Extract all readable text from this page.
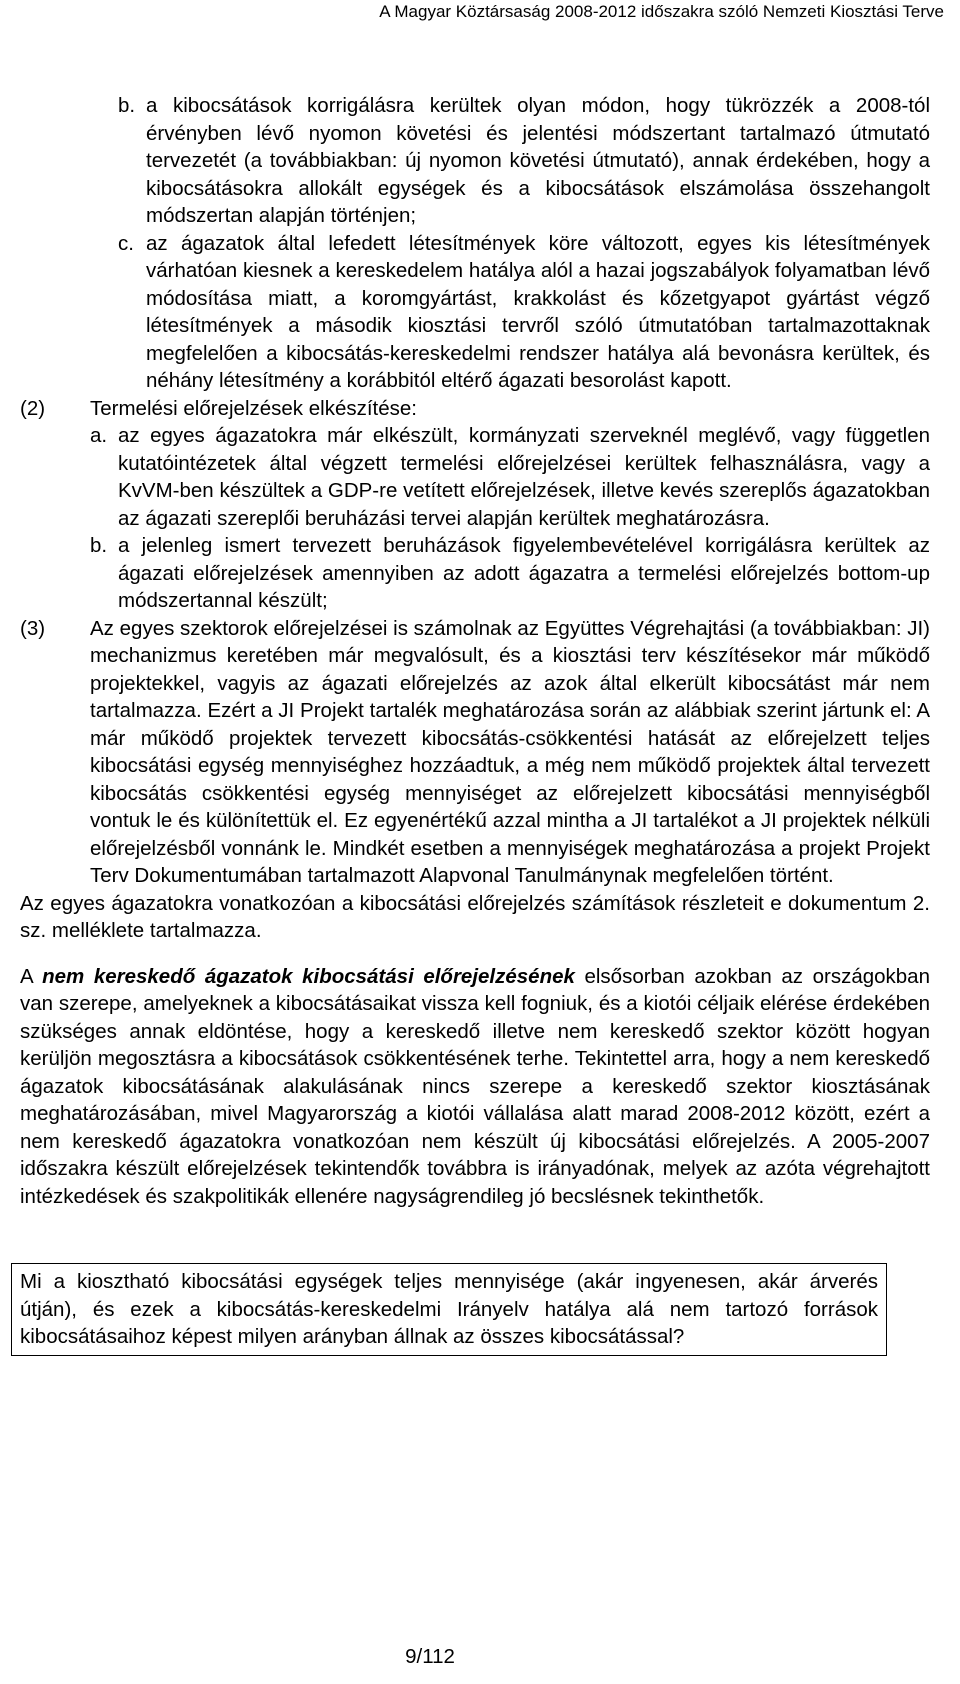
A Magyar Köztársaság 2008-2012 időszakra szóló Nemzeti Kiosztási Terve
b. a kibocsátások korrigálásra kerültek olyan módon, hogy tükrözzék a 2008-tól érvényben lévő nyomon követési és jelentési módszertant tartalmazó útmutató tervezetét (a továbbiakban: új nyomon követési útmutató), annak érdekében, hogy a kibocsátásokra allokált egységek és a kibocsátások elszámolása összehangolt módszertan alapján történjen;
c. az ágazatok által lefedett létesítmények köre változott, egyes kis létesítmények várhatóan kiesnek a kereskedelem hatálya alól a hazai jogszabályok folyamatban lévő módosítása miatt, a koromgyártást, krakkolást és kőzetgyapot gyártást végző létesítmények a második kiosztási tervről szóló útmutatóban tartalmazottaknak megfelelően a kibocsátás-kereskedelmi rendszer hatálya alá bevonásra kerültek, és néhány létesítmény a korábbitól eltérő ágazati besorolást kapott.
(2)	Termelési előrejelzések elkészítése:
a. az egyes ágazatokra már elkészült, kormányzati szerveknél meglévő, vagy független kutatóintézetek által végzett termelési előrejelzései kerültek felhasználásra, vagy a KvVM-ben készültek a GDP-re vetített előrejelzések, illetve kevés szereplős ágazatokban az ágazati szereplői beruházási tervei alapján kerültek meghatározásra.
b. a jelenleg ismert tervezett beruházások figyelembevételével korrigálásra kerültek az ágazati előrejelzések amennyiben az adott ágazatra a termelési előrejelzés bottom-up módszertannal készült;
(3)	Az egyes szektorok előrejelzései is számolnak az Együttes Végrehajtási (a továbbiakban: JI) mechanizmus keretében már megvalósult, és a kiosztási terv készítésekor már működő projektekkel, vagyis az ágazati előrejelzés az azok által elkerült kibocsátást már nem tartalmazza. Ezért a JI Projekt tartalék meghatározása során az alábbiak szerint jártunk el: A már működő projektek tervezett kibocsátás-csökkentési hatását az előrejelzett teljes kibocsátási egység mennyiséghez hozzáadtuk, a még nem működő projektek által tervezett kibocsátás csökkentési egység mennyiséget az előrejelzett kibocsátási mennyiségből vontuk le és különítettük el. Ez egyenértékű azzal mintha a JI tartalékot a JI projektek nélküli előrejelzésből vonnánk le. Mindkét esetben a mennyiségek meghatározása a projekt Projekt Terv Dokumentumában tartalmazott Alapvonal Tanulmánynak megfelelően történt.
Az egyes ágazatokra vonatkozóan a kibocsátási előrejelzés számítások részleteit e dokumentum 2. sz. melléklete tartalmazza.
A nem kereskedő ágazatok kibocsátási előrejelzésének elsősorban azokban az országokban van szerepe, amelyeknek a kibocsátásaikat vissza kell fogniuk, és a kiotói céljaik elérése érdekében szükséges annak eldöntése, hogy a kereskedő illetve nem kereskedő szektor között hogyan kerüljön megosztásra a kibocsátások csökkentésének terhe. Tekintettel arra, hogy a nem kereskedő ágazatok kibocsátásának alakulásának nincs szerepe a kereskedő szektor kiosztásának meghatározásában, mivel Magyarország a kiotói vállalása alatt marad 2008-2012 között, ezért a nem kereskedő ágazatokra vonatkozóan nem készült új kibocsátási előrejelzés. A 2005-2007 időszakra készült előrejelzések tekintendők továbbra is irányadónak, melyek az azóta végrehajtott intézkedések és szakpolitikák ellenére nagyságrendileg jó becslésnek tekinthetők.
Mi a kiosztható kibocsátási egységek teljes mennyisége (akár ingyenesen, akár árverés útján), és ezek a kibocsátás-kereskedelmi Irányelv hatálya alá nem tartozó források kibocsátásaihoz képest milyen arányban állnak az összes kibocsátással?
9/112
